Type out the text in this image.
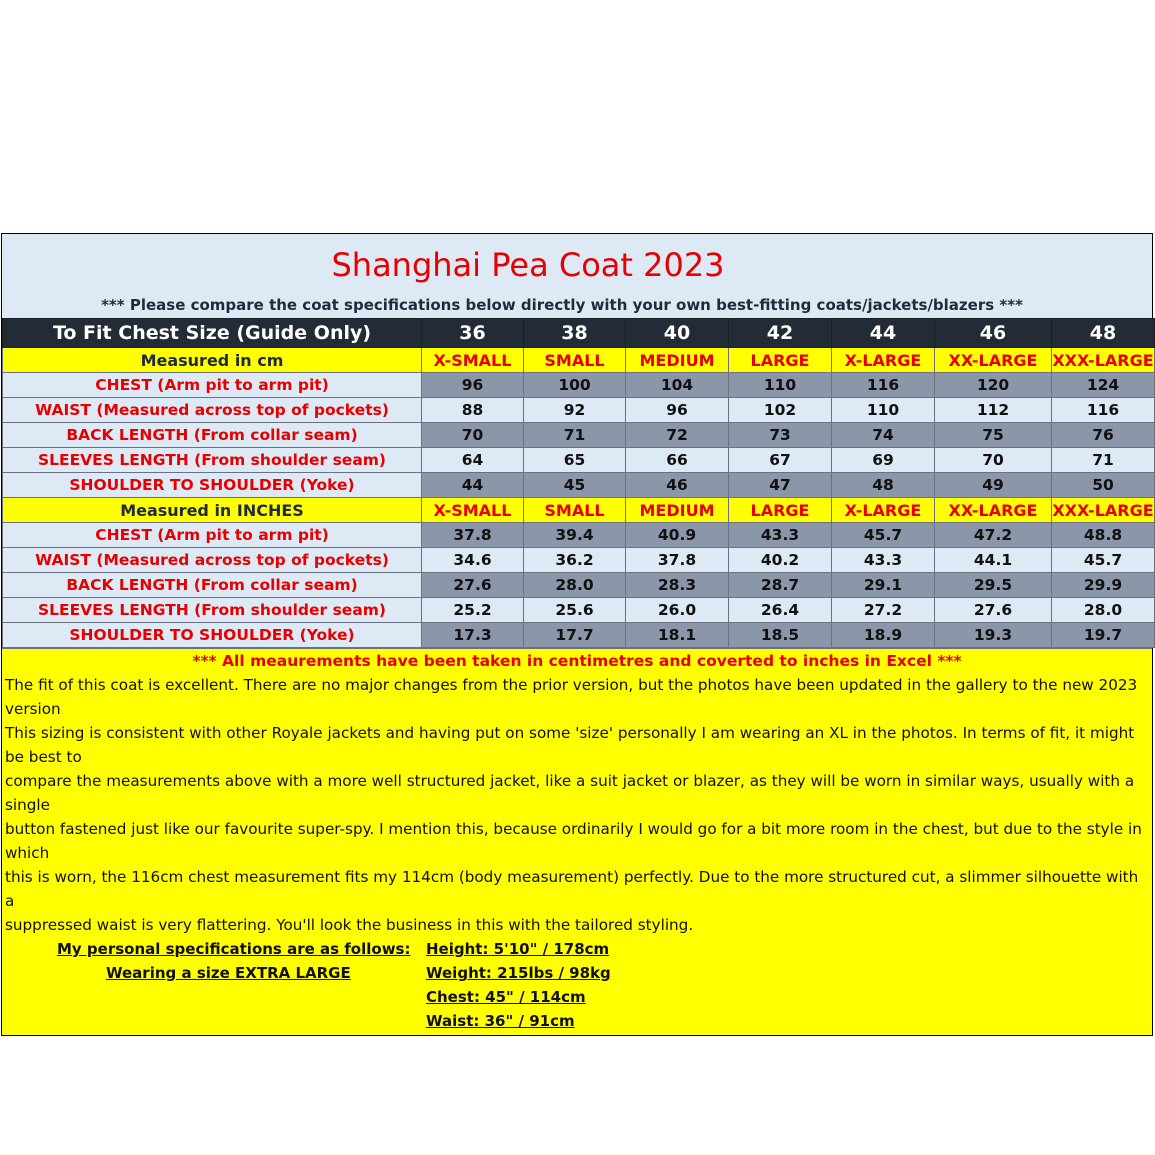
Shanghai Pea Coat 2023
*** Please compare the coat specifications below directly with your own best-fitting coats/jackets/blazers ***
To Fit Chest Size (Guide Only)	36	38	40	42	44	46	48
Measured in cm	X-SMALL	SMALL	MEDIUM	LARGE	X-LARGE	XX-LARGE	XXX-LARGE
CHEST (Arm pit to arm pit)	96	100	104	110	116	120	124
WAIST (Measured across top of pockets)	88	92	96	102	110	112	116
BACK LENGTH (From collar seam)	70	71	72	73	74	75	76
SLEEVES LENGTH (From shoulder seam)	64	65	66	67	69	70	71
SHOULDER TO SHOULDER (Yoke)	44	45	46	47	48	49	50
Measured in INCHES	X-SMALL	SMALL	MEDIUM	LARGE	X-LARGE	XX-LARGE	XXX-LARGE
CHEST (Arm pit to arm pit)	37.8	39.4	40.9	43.3	45.7	47.2	48.8
WAIST (Measured across top of pockets)	34.6	36.2	37.8	40.2	43.3	44.1	45.7
BACK LENGTH (From collar seam)	27.6	28.0	28.3	28.7	29.1	29.5	29.9
SLEEVES LENGTH (From shoulder seam)	25.2	25.6	26.0	26.4	27.2	27.6	28.0
SHOULDER TO SHOULDER (Yoke)	17.3	17.7	18.1	18.5	18.9	19.3	19.7
*** All meaurements have been taken in centimetres and coverted to inches in Excel ***

The fit of this coat is excellent. There are no major changes from the prior version, but the photos have been updated in the gallery to the new 2023 version

This sizing is consistent with other Royale jackets and having put on some 'size' personally I am wearing an XL in the photos. In terms of fit, it might be best to

compare the measurements above with a more well structured jacket, like a suit jacket or blazer, as they will be worn in similar ways, usually with a single

button fastened just like our favourite super-spy. I mention this, because ordinarily I would go for a bit more room in the chest, but due to the style in which

this is worn, the 116cm chest measurement fits my 114cm (body measurement) perfectly. Due to the more structured cut, a slimmer silhouette with a

suppressed waist is very flattering. You'll look the business in this with the tailored styling.

My personal specifications are as follows:
Wearing a size EXTRA LARGE
Height: 5'10" / 178cm
Weight: 215lbs / 98kg
Chest: 45" / 114cm
Waist: 36" / 91cm
